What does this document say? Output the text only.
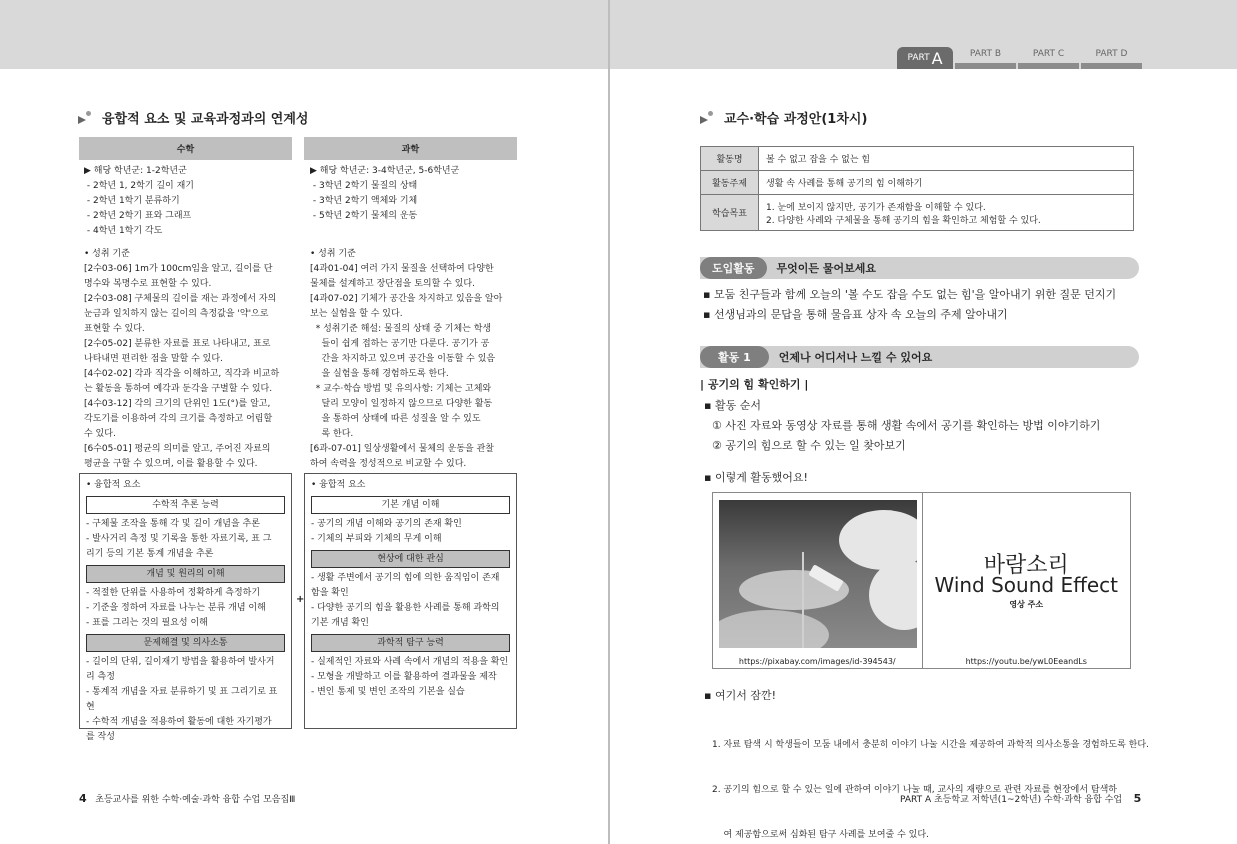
PART A	PART B	PART C	PART D
융합적 요소 및 교육과정과의 연계성
수학	과학
▶ 해당 학년군: 1-2학년군
- 2학년 1, 2학기 길이 재기
- 2학년 1학기 분류하기
- 2학년 2학기 표와 그래프
- 4학년 1학기 각도
• 성취 기준
[2수03-06] 1m가 100cm임을 알고, 길이를 단
명수와 복명수로 표현할 수 있다.
[2수03-08] 구체물의 길이를 재는 과정에서 자의
눈금과 일치하지 않는 길이의 측정값을 '약'으로
표현할 수 있다.
[2수05-02] 분류한 자료를 표로 나타내고, 표로
나타내면 편리한 점을 말할 수 있다.
[4수02-02] 각과 직각을 이해하고, 직각과 비교하
는 활동을 통하여 예각과 둔각을 구별할 수 있다.
[4수03-12] 각의 크기의 단위인 1도(°)를 알고,
각도기를 이용하여 각의 크기를 측정하고 어림할
수 있다.
[6수05-01] 평균의 의미를 알고, 주어진 자료의
평균을 구할 수 있으며, 이를 활용할 수 있다.
▶ 해당 학년군: 3-4학년군, 5-6학년군
- 3학년 2학기 물질의 상태
- 3학년 2학기 액체와 기체
- 5학년 2학기 물체의 운동
• 성취 기준
[4과01-04] 여러 가지 물질을 선택하여 다양한
물체를 설계하고 장단점을 토의할 수 있다.
[4과07-02] 기체가 공간을 차지하고 있음을 알아
보는 실험을 할 수 있다.
* 성취기준 해설: 물질의 상태 중 기체는 학생
들이 쉽게 접하는 공기만 다룬다. 공기가 공
간을 차지하고 있으며 공간을 이동할 수 있음
을 실험을 통해 경험하도록 한다.
* 교수·학습 방법 및 유의사항: 기체는 고체와
달리 모양이 일정하지 않으므로 다양한 활동
을 통하여 상태에 따른 성질을 알 수 있도
록 한다.
[6과-07-01] 일상생활에서 물체의 운동을 관찰
하여 속력을 정성적으로 비교할 수 있다.
• 융합적 요소
수학적 추론 능력
- 구체물 조작을 통해 각 및 길이 개념을 추론
- 발사거리 측정 및 기록을 통한 자료기록, 표 그
리기 등의 기본 통계 개념을 추론
개념 및 원리의 이해
- 적절한 단위를 사용하여 정확하게 측정하기
- 기준을 정하여 자료를 나누는 분류 개념 이해
- 표를 그리는 것의 필요성 이해
문제해결 및 의사소통
- 길이의 단위, 길이재기 방법을 활용하여 발사거
리 측정
- 통계적 개념을 자료 분류하기 및 표 그리기로 표현
- 수학적 개념을 적용하여 활동에 대한 자기평가
를 작성
+
• 융합적 요소
기본 개념 이해
- 공기의 개념 이해와 공기의 존재 확인
- 기체의 부피와 기체의 무게 이해
현상에 대한 관심
- 생활 주변에서 공기의 힘에 의한 움직임이 존재
함을 확인
- 다양한 공기의 힘을 활용한 사례를 통해 과학의
기본 개념 확인
과학적 탐구 능력
- 실제적인 자료와 사례 속에서 개념의 적용을 확인
- 모형을 개발하고 이를 활용하여 결과물을 제작
- 변인 통제 및 변인 조작의 기본을 실습
4 초등교사를 위한 수학·예술·과학 융합 수업 모음집Ⅲ
교수·학습 과정안(1차시)
활동명	볼 수 없고 잡을 수 없는 힘
활동주제	생활 속 사례를 통해 공기의 힘 이해하기
학습목표	1. 눈에 보이지 않지만, 공기가 존재함을 이해할 수 있다.
2. 다양한 사례와 구체물을 통해 공기의 힘을 확인하고 체험할 수 있다.
도입활동	무엇이든 물어보세요
▪ 모둠 친구들과 함께 오늘의 '볼 수도 잡을 수도 없는 힘'을 알아내기 위한 질문 던지기
▪ 선생님과의 문답을 통해 물음표 상자 속 오늘의 주제 알아내기
활동 1	언제나 어디서나 느낄 수 있어요
| 공기의 힘 확인하기 |
▪ 활동 순서
① 사진 자료와 동영상 자료를 통해 생활 속에서 공기를 확인하는 방법 이야기하기
② 공기의 힘으로 할 수 있는 일 찾아보기
▪ 이렇게 활동했어요!
https://pixabay.com/images/id-394543/
바람소리
Wind Sound Effect
영상 주소
https://youtu.be/ywL0EeandLs
▪ 여기서 잠깐!

1. 자료 탐색 시 학생들이 모둠 내에서 충분히 이야기 나눌 시간을 제공하여 과학적 의사소통을 경험하도록 한다.

2. 공기의 힘으로 할 수 있는 일에 관하여 이야기 나눌 때, 교사의 재량으로 관련 자료를 현장에서 탐색하

여 제공함으로써 심화된 탐구 사례를 보여줄 수 있다.

PART A 초등학교 저학년(1~2학년) 수학·과학 융합 수업 5
